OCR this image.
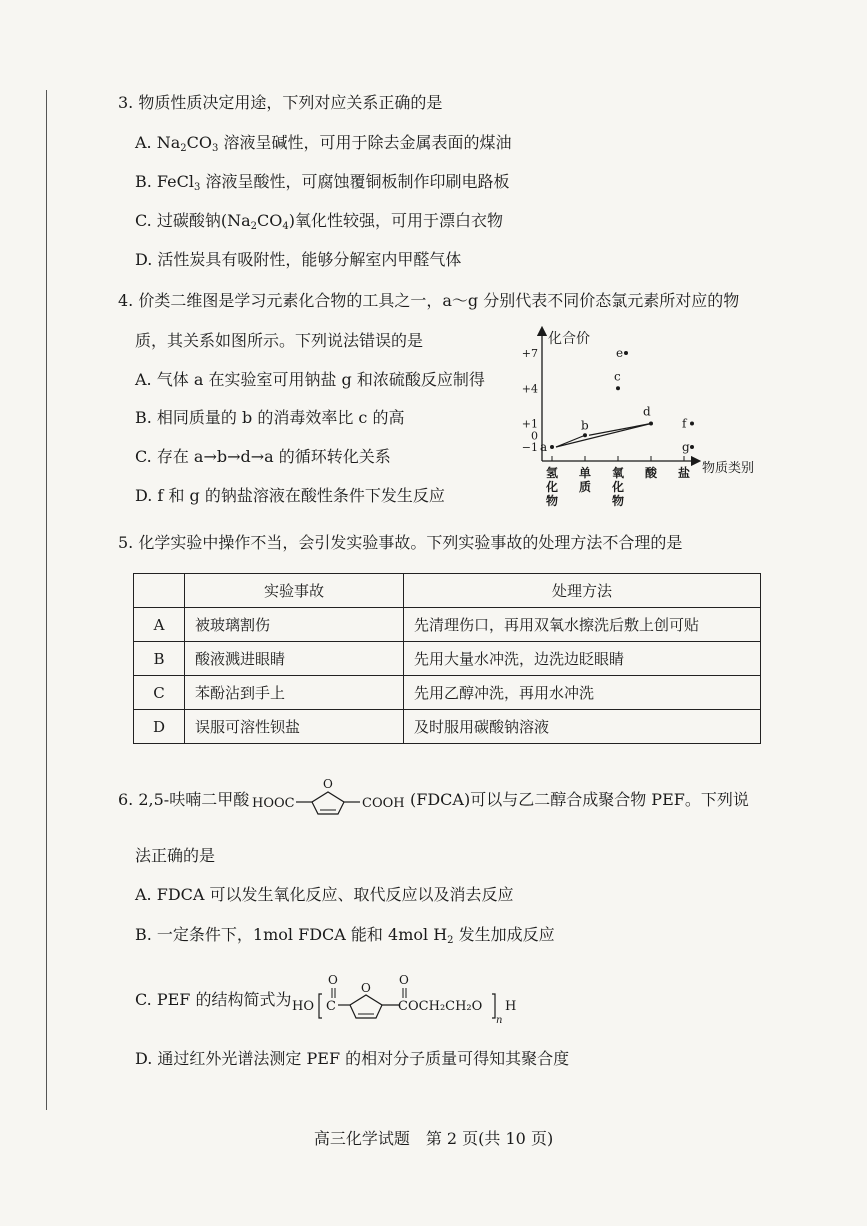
3. 物质性质决定用途，下列对应关系正确的是
A. $Na_2CO_3$ 溶液呈碱性，可用于除去金属表面的煤油
B. FeCl$_3$ 溶液呈酸性，可腐蚀覆铜板制作印刷电路板
C. 过碳酸钠$(Na_2CO_4)$氧化性较强，可用于漂白衣物
D. 活性炭具有吸附性，能够分解室内甲醛气体
4. 价类二维图是学习元素化合物的工具之一，a～g 分别代表不同价态氯元素所对应的物
质，其关系如图所示。下列说法错误的是
A. 气体 a 在实验室可用钠盐 g 和浓硫酸反应制得
B. 相同质量的 b 的消毒效率比 c 的高
C. 存在 a→b→d→a 的循环转化关系
D. f 和 g 的钠盐溶液在酸性条件下发生反应
化合价
物质类别
+7
+4
+1
0
−1
氢
化
物
单
质
氧
化
物
酸 盐
a
b
c
d
e
f
g
5. 化学实验中操作不当，会引发实验事故。下列实验事故的处理方法不合理的是
	实验事故	处理方法
A	被玻璃割伤	先清理伤口，再用双氧水擦洗后敷上创可贴
B	酸液溅进眼睛	先用大量水冲洗，边洗边眨眼睛
C	苯酚沾到手上	先用乙醇冲洗，再用水冲洗
D	误服可溶性钡盐	及时服用碳酸钠溶液
6. 2,5-呋喃二甲酸 HOOC
O
COOH (FDCA)可以与乙二醇合成聚合物 PEF。下列说
法正确的是
A. FDCA 可以发生氧化反应、取代反应以及消去反应
B. 一定条件下，1mol FDCA 能和 4mol $H_2$ 发生加成反应
C. PEF 的结构简式为 HO C
O
O
O
C OCH₂CH₂O
n
H
D. 通过红外光谱法测定 PEF 的相对分子质量可得知其聚合度
高三化学试题　第 2 页(共 10 页)
